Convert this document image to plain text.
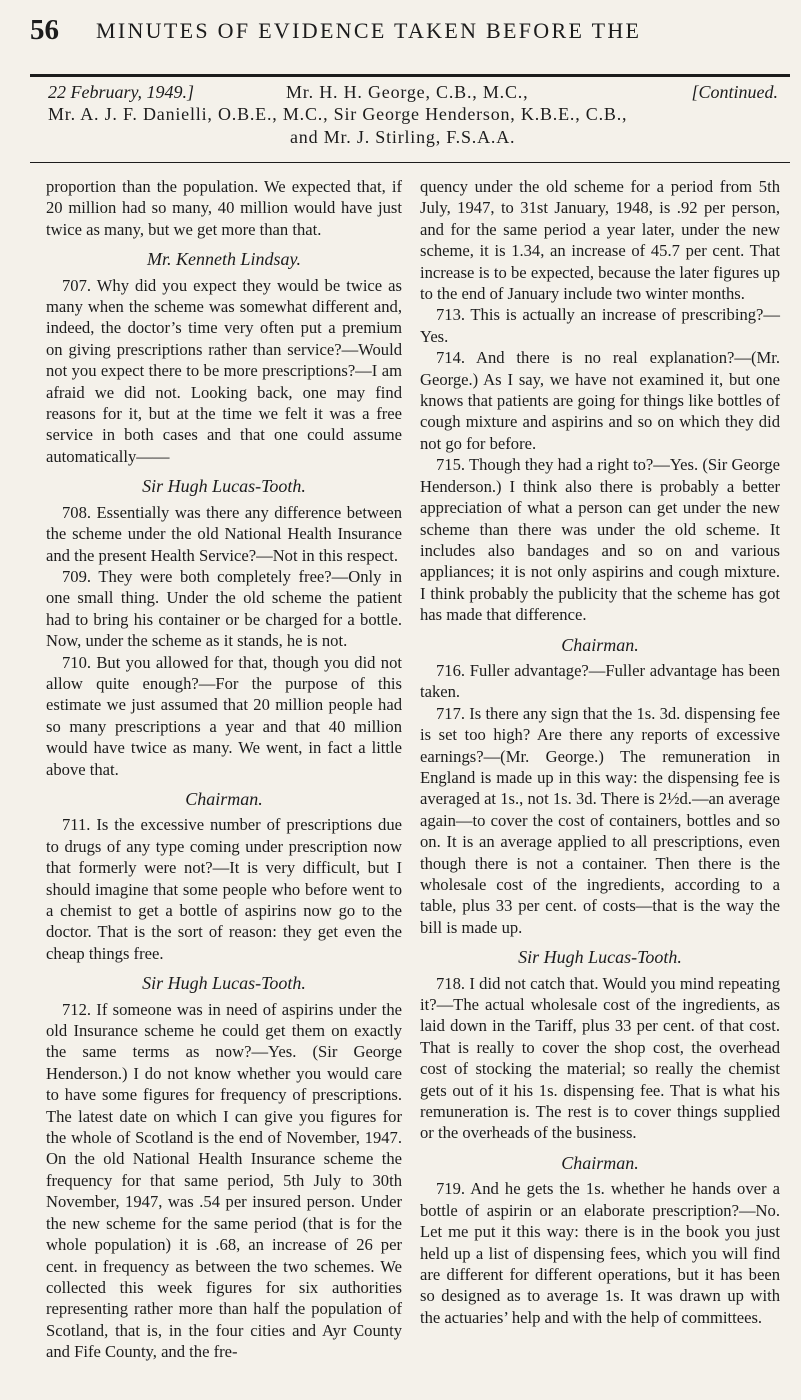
56 MINUTES OF EVIDENCE TAKEN BEFORE THE
22 February, 1949.]	Mr. H. H. George, C.B., M.C.,	[Continued.
Mr. A. J. F. Danielli, O.B.E., M.C., Sir George Henderson, K.B.E., C.B.,
and Mr. J. Stirling, F.S.A.A.

proportion than the population. We expected that, if 20 million had so many, 40 million would have just twice as many, but we get more than that.

Mr. Kenneth Lindsay.

707. Why did you expect they would be twice as many when the scheme was somewhat different and, indeed, the doctor’s time very often put a premium on giving prescriptions rather than service?—Would not you expect there to be more prescriptions?—I am afraid we did not. Looking back, one may find reasons for it, but at the time we felt it was a free service in both cases and that one could assume automatically——

Sir Hugh Lucas-Tooth.

708. Essentially was there any difference between the scheme under the old National Health Insurance and the present Health Service?—Not in this respect.

709. They were both completely free?—Only in one small thing. Under the old scheme the patient had to bring his container or be charged for a bottle. Now, under the scheme as it stands, he is not.

710. But you allowed for that, though you did not allow quite enough?—For the purpose of this estimate we just assumed that 20 million people had so many prescriptions a year and that 40 million would have twice as many. We went, in fact a little above that.

Chairman.

711. Is the excessive number of prescriptions due to drugs of any type coming under prescription now that formerly were not?—It is very difficult, but I should imagine that some people who before went to a chemist to get a bottle of aspirins now go to the doctor. That is the sort of reason: they get even the cheap things free.

Sir Hugh Lucas-Tooth.

712. If someone was in need of aspirins under the old Insurance scheme he could get them on exactly the same terms as now?—Yes. (Sir George Henderson.) I do not know whether you would care to have some figures for frequency of prescriptions. The latest date on which I can give you figures for the whole of Scotland is the end of November, 1947. On the old National Health Insurance scheme the frequency for that same period, 5th July to 30th November, 1947, was .54 per insured person. Under the new scheme for the same period (that is for the whole population) it is .68, an increase of 26 per cent. in frequency as between the two schemes. We collected this week figures for six authorities representing rather more than half the population of Scotland, that is, in the four cities and Ayr County and Fife County, and the fre-

quency under the old scheme for a period from 5th July, 1947, to 31st January, 1948, is .92 per person, and for the same period a year later, under the new scheme, it is 1.34, an increase of 45.7 per cent. That increase is to be expected, because the later figures up to the end of January include two winter months.

713. This is actually an increase of prescribing?—Yes.

714. And there is no real explanation?—(Mr. George.) As I say, we have not examined it, but one knows that patients are going for things like bottles of cough mixture and aspirins and so on which they did not go for before.

715. Though they had a right to?—Yes. (Sir George Henderson.) I think also there is probably a better appreciation of what a person can get under the new scheme than there was under the old scheme. It includes also bandages and so on and various appliances; it is not only aspirins and cough mixture. I think probably the publicity that the scheme has got has made that difference.

Chairman.

716. Fuller advantage?—Fuller advantage has been taken.

717. Is there any sign that the 1s. 3d. dispensing fee is set too high? Are there any reports of excessive earnings?—(Mr. George.) The remuneration in England is made up in this way: the dispensing fee is averaged at 1s., not 1s. 3d. There is 2½d.—an average again—to cover the cost of containers, bottles and so on. It is an average applied to all prescriptions, even though there is not a container. Then there is the wholesale cost of the ingredients, according to a table, plus 33 per cent. of costs—that is the way the bill is made up.

Sir Hugh Lucas-Tooth.

718. I did not catch that. Would you mind repeating it?—The actual wholesale cost of the ingredients, as laid down in the Tariff, plus 33 per cent. of that cost. That is really to cover the shop cost, the overhead cost of stocking the material; so really the chemist gets out of it his 1s. dispensing fee. That is what his remuneration is. The rest is to cover things supplied or the overheads of the business.

Chairman.

719. And he gets the 1s. whether he hands over a bottle of aspirin or an elaborate prescription?—No. Let me put it this way: there is in the book you just held up a list of dispensing fees, which you will find are different for different operations, but it has been so designed as to average 1s. It was drawn up with the actuaries’ help and with the help of committees.
